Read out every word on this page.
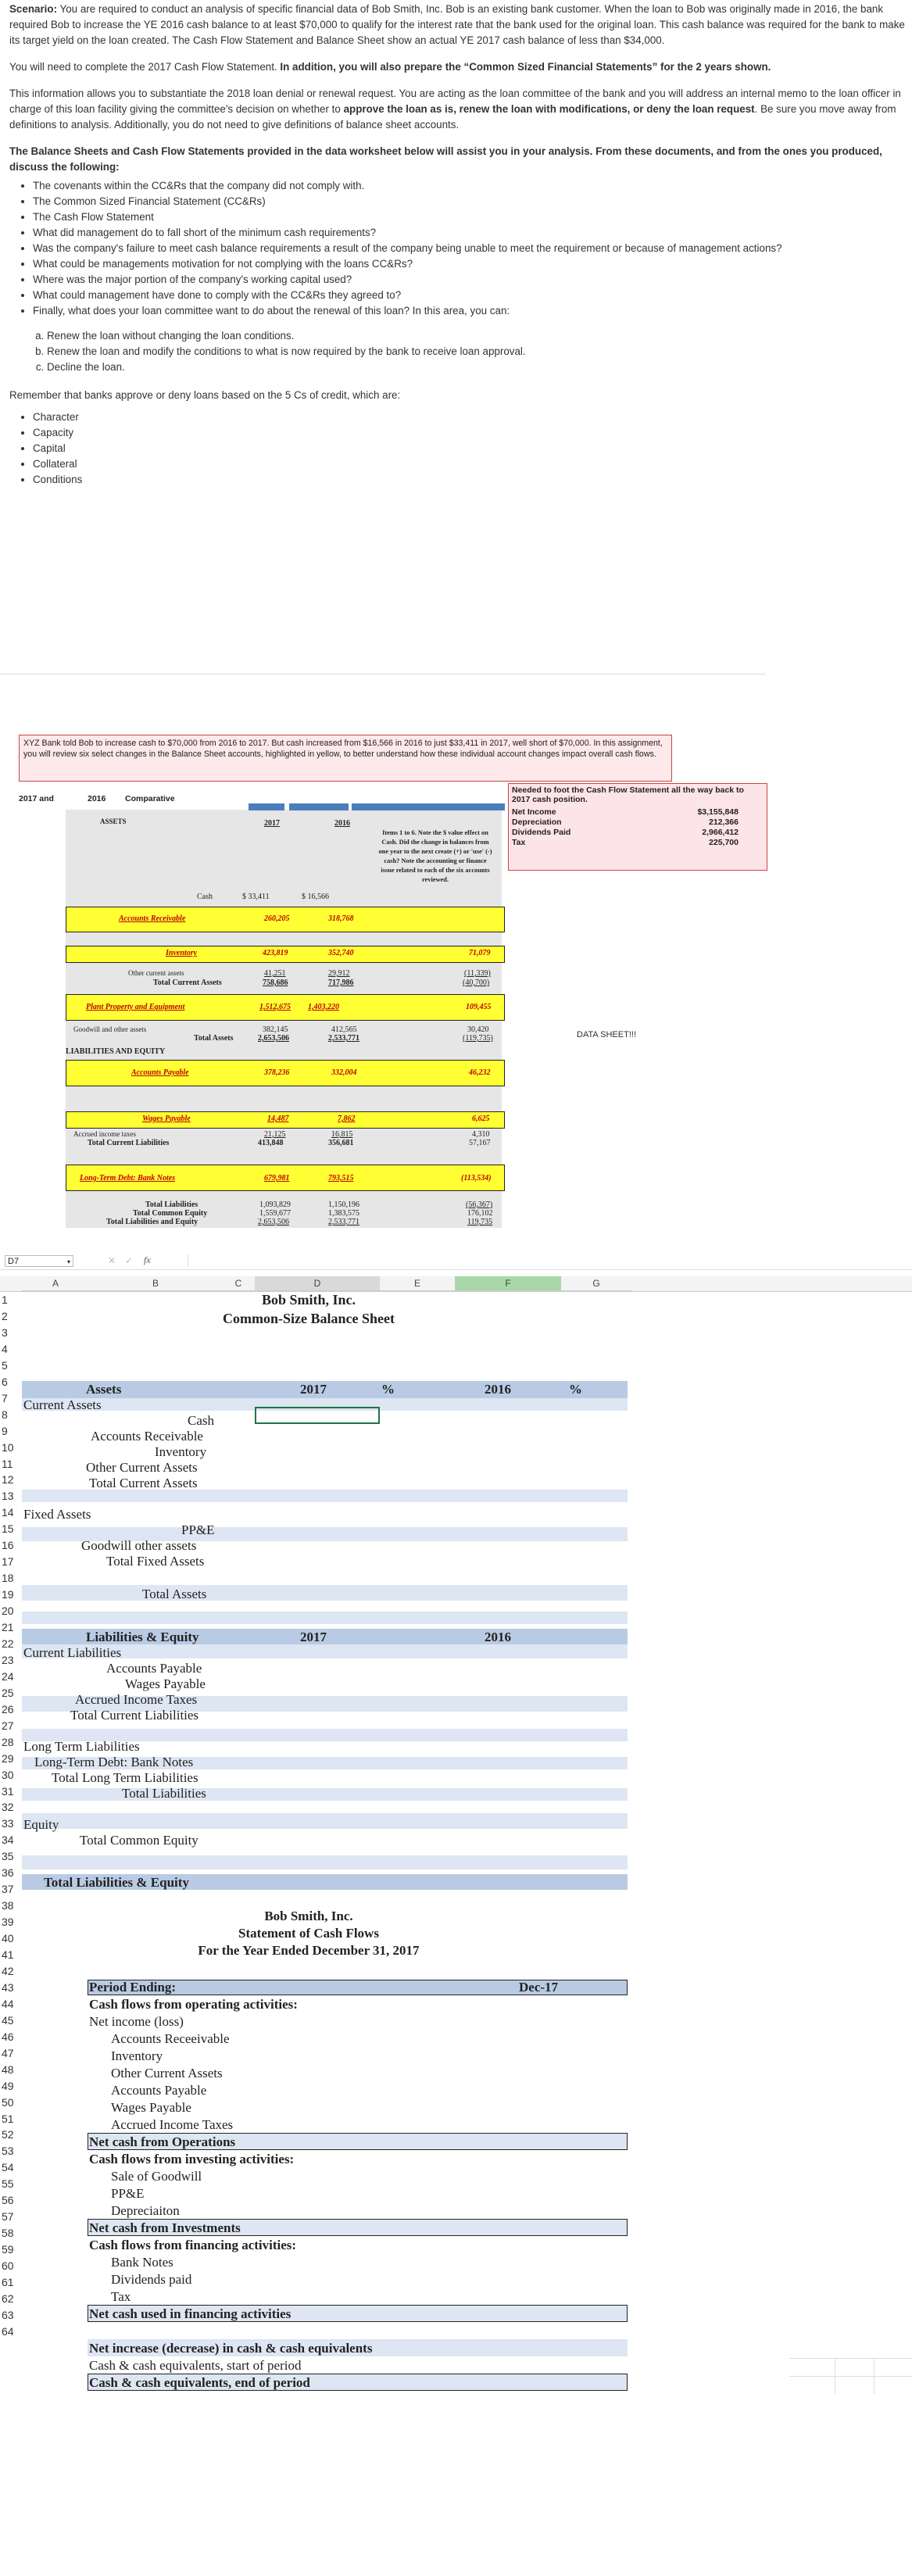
Scenario: You are required to conduct an analysis of specific financial data of Bob Smith, Inc. Bob is an existing bank customer. When the loan to Bob was originally made in 2016, the bank required Bob to increase the YE 2016 cash balance to at least $70,000 to qualify for the interest rate that the bank used for the original loan. This cash balance was required for the bank to make its target yield on the loan created. The Cash Flow Statement and Balance Sheet show an actual YE 2017 cash balance of less than $34,000.

You will need to complete the 2017 Cash Flow Statement. In addition, you will also prepare the “Common Sized Financial Statements” for the 2 years shown.

This information allows you to substantiate the 2018 loan denial or renewal request. You are acting as the loan committee of the bank and you will address an internal memo to the loan officer in charge of this loan facility giving the committee's decision on whether to approve the loan as is, renew the loan with modifications, or deny the loan request. Be sure you move away from definitions to analysis. Additionally, you do not need to give definitions of balance sheet accounts.

The Balance Sheets and Cash Flow Statements provided in the data worksheet below will assist you in your analysis. From these documents, and from the ones you produced, discuss the following:

• The covenants within the CC&Rs that the company did not comply with.
• The Common Sized Financial Statement (CC&Rs)
• The Cash Flow Statement
• What did management do to fall short of the minimum cash requirements?
• Was the company's failure to meet cash balance requirements a result of the company being unable to meet the requirement or because of management actions?
• What could be managements motivation for not complying with the loans CC&Rs?
• Where was the major portion of the company's working capital used?
• What could management have done to comply with the CC&Rs they agreed to?
• Finally, what does your loan committee want to do about the renewal of this loan? In this area, you can:
a. Renew the loan without changing the loan conditions.
b. Renew the loan and modify the conditions to what is now required by the bank to receive loan approval.
c. Decline the loan.

Remember that banks approve or deny loans based on the 5 Cs of credit, which are:

• Character
• Capacity
• Capital
• Collateral
• Conditions
XYZ Bank told Bob to increase cash to $70,000 from 2016 to 2017. But cash increased from $16,566 in 2016 to just $33,411 in 2017, well short of $70,000. In this assignment, you will review six select changes in the Balance Sheet accounts, highlighted in yellow, to better understand how these individual account changes impact overall cash flows.
2017 and	2016 Comparative
ASSETS	2017	2016
Items 1 to 6. Note the $ value effect on Cash. Did the change in balances from one year to the next create (+) or 'use' (-) cash? Note the accounting or finance issue related to each of the six accounts reviewed.
Needed to foot the Cash Flow Statement all the way back to 2017 cash position.
Net Income	$3,155,848
Depreciation	212,366
Dividends Paid	2,966,412
Tax	225,700
Cash	$ 33,411	$ 16,566
Accounts Receivable	260,205	318,768
Inventory	423,819	352,740	71,079
Other current assets	41,251	29,912	(11,339)
Total Current Assets	758,686	717,986	(40,700)
Plant Property and Equipment	1,512,675 1,403,220	109,455
Goodwill and other assets	382,145	412,565	30,420
Total Assets	2,653,506	2,533,771	(119,735)
LIABILITIES AND EQUITY
DATA SHEET!!!
Accounts Payable	378,236	332,004	46,232
Wages Payable	14,487	7,862	6,625
Accrued income taxes	21,125	16,815	4,310
Total Current Liabilities	413,848	356,681	57,167
Long-Term Debt: Bank Notes	679,981	793,515	(113,534)
Total Liabilities	1,093,829	1,150,196	(56,367)
Total Common Equity	1,559,677	1,383,575	176,102
Total Liabilities and Equity	2,653,506	2,533,771	119,735
D7	▾	✕ ✓ fx
A	B	C	D	E	F	G
1
2
3
4
5
6
7
8
9
10
11
12
13
14
15
16
17
18
19
20
21
22
23
24
25
26
27
28
29
30
31
32
33
34
35
36
37
38
39
40
41
42
43
44
45
46
47
48
49
50
51
52
53
54
55
56
57
58
59
60
61
62
63
64
Bob Smith, Inc.
Common-Size Balance Sheet
Assets	2017	%	2016	%
Current Assets
Cash
Accounts Receivable
Inventory
Other Current Assets
Total Current Assets
Fixed Assets
PP&E
Goodwill other assets
Total Fixed Assets
Total Assets
Liabilities & Equity	2017	2016
Current Liabilities
Accounts Payable
Wages Payable
Accrued Income Taxes
Total Current Liabilities
Long Term Liabilities
Long-Term Debt: Bank Notes
Total Long Term Liabilities
Total Liabilities
Equity
Total Common Equity
Total Liabilities & Equity
Bob Smith, Inc.
Statement of Cash Flows
For the Year Ended December 31, 2017
Period Ending:	Dec-17
Cash flows from operating activities:
Net income (loss)
Accounts Receeivable
Inventory
Other Current Assets
Accounts Payable
Wages Payable
Accrued Income Taxes
Net cash from Operations
Cash flows from investing activities:
Sale of Goodwill
PP&E
Depreciaiton
Net cash from Investments
Cash flows from financing activities:
Bank Notes
Dividends paid
Tax
Net cash used in financing activities
Net increase (decrease) in cash & cash equivalents
Cash & cash equivalents, start of period
Cash & cash equivalents, end of period
